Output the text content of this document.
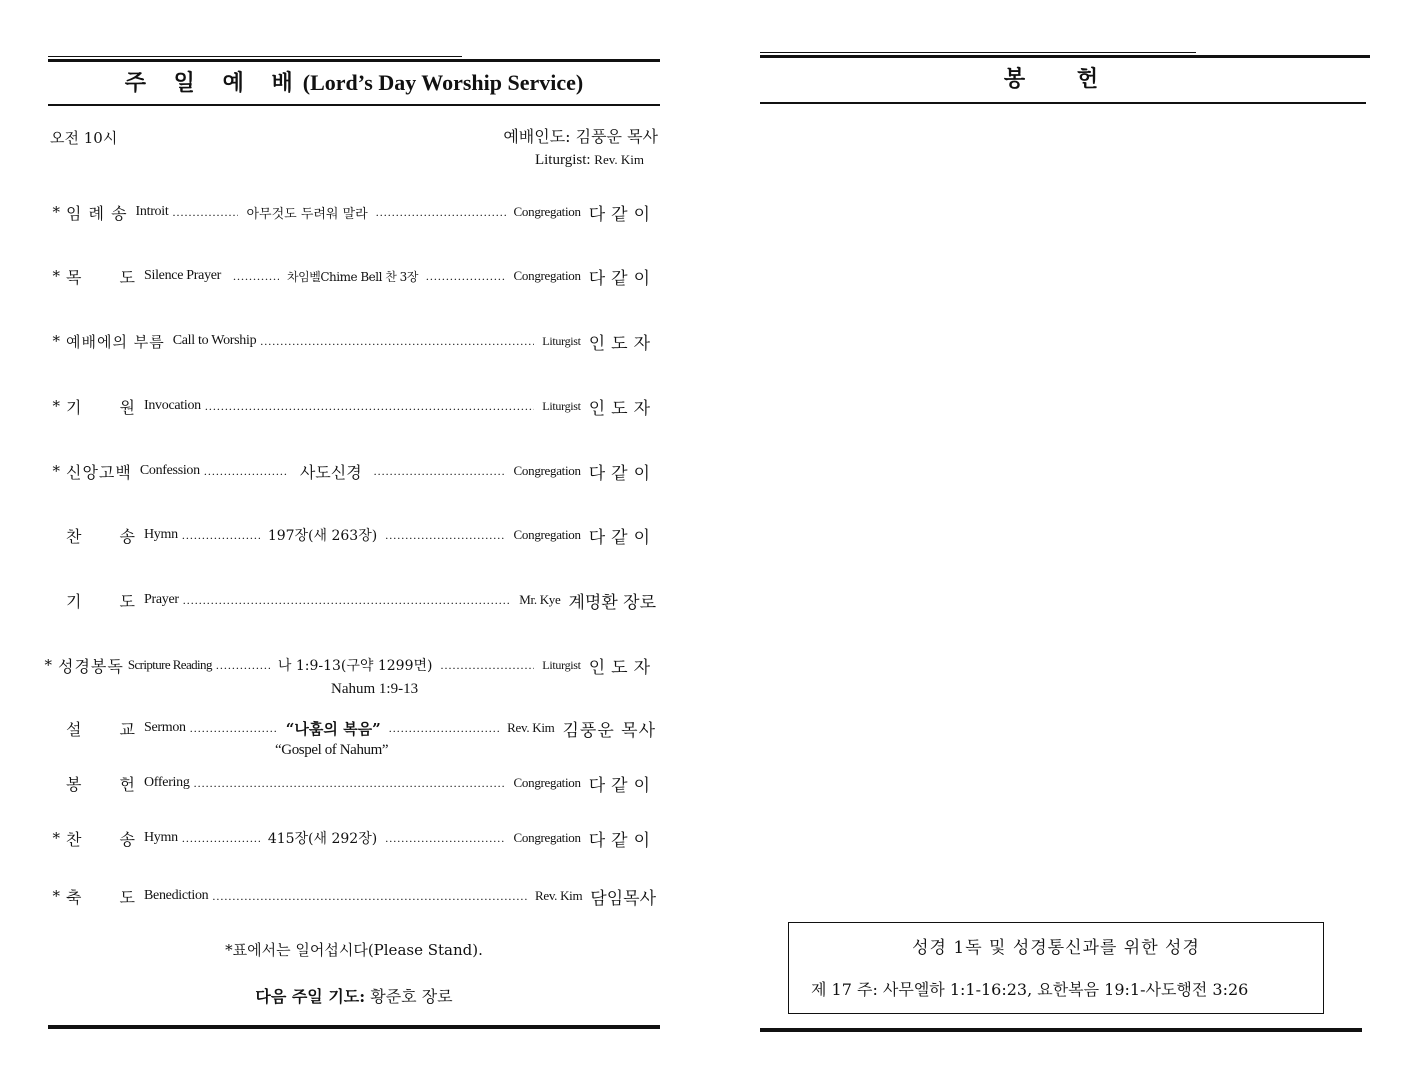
주 일 예 배(Lord’s Day Worship Service)
오전 10시	예배인도: 김풍운 목사
Liturgist: Rev. Kim
* 임 례 송 Introit .....	아무것도 두려워 말라 .....	Congregation 다같이
* 목 도 Silence Prayer .....	차임벨Chime Bell 찬 3장 .....	Congregation 다같이
* 예배에의 부름 Call to Worship .....	Liturgist 인도자
* 기 원 Invocation .....	Liturgist 인도자
* 신앙고백 Confession .....	사도신경 .....	Congregation 다같이
찬 송 Hymn .....	197장(새 263장) .....	Congregation 다같이
기 도 Prayer .....	Mr. Kye 계명환 장로
* 성경봉독 Scripture Reading .....	나 1:9-13(구약 1299면) .....	Liturgist 인도자
Nahum 1:9-13
설 교 Sermon .....	“나훔의 복음” .....	Rev. Kim 김풍운 목사
“Gospel of Nahum”
봉 헌 Offering .....	Congregation 다같이
* 찬 송 Hymn .....	415장(새 292장) .....	Congregation 다같이
* 축 도 Benediction .....	Rev. Kim 담임목사
*표에서는 일어섭시다(Please Stand).
다음 주일 기도: 황준호 장로
봉 헌
성경 1독 및 성경통신과를 위한 성경
제 17 주: 사무엘하 1:1-16:23, 요한복음 19:1-사도행전 3:26
